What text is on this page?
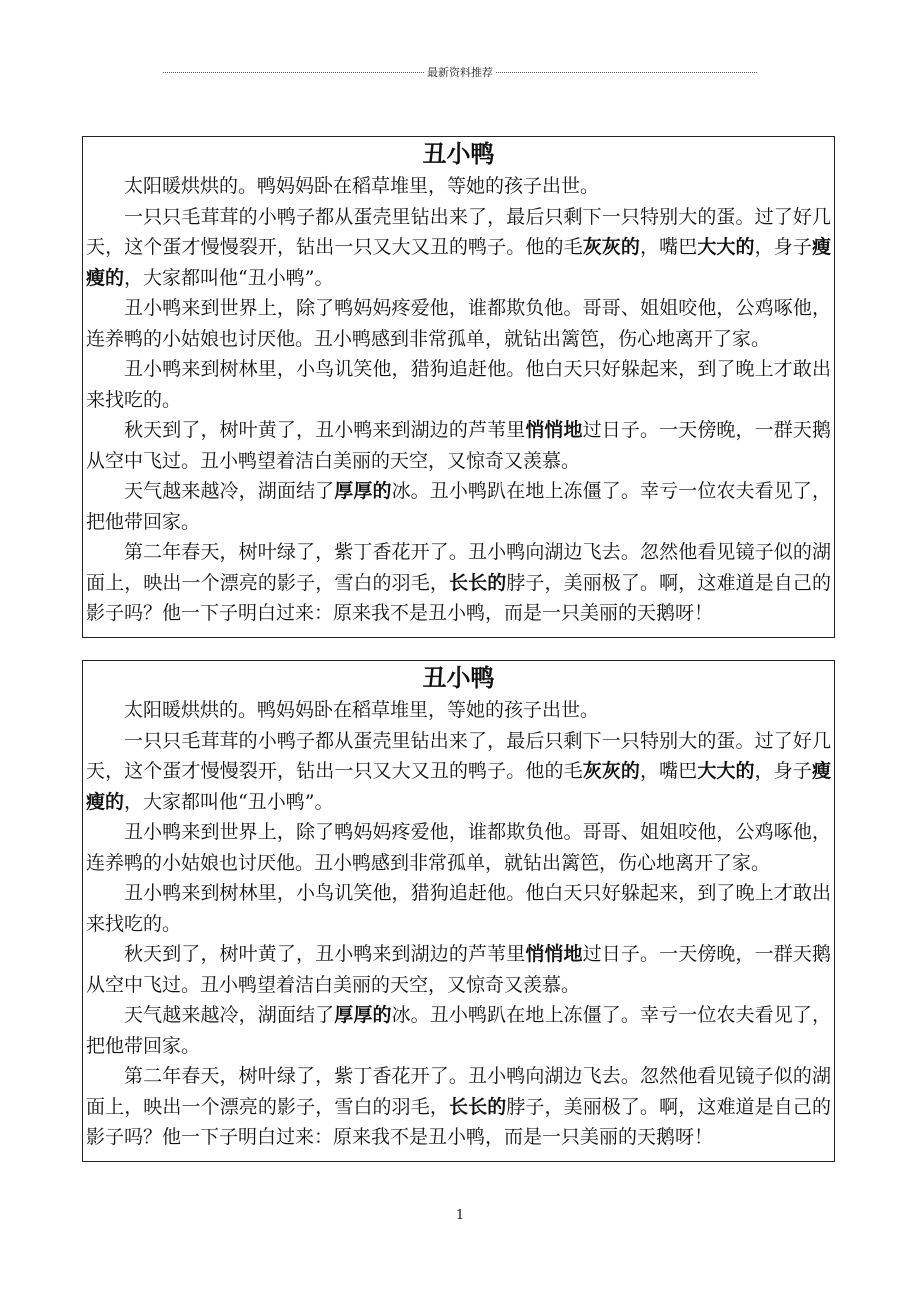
最新资料推荐
丑小鸭

太阳暖烘烘的。鸭妈妈卧在稻草堆里，等她的孩子出世。

一只只毛茸茸的小鸭子都从蛋壳里钻出来了，最后只剩下一只特别大的蛋。过了好几天，这个蛋才慢慢裂开，钻出一只又大又丑的鸭子。他的毛灰灰的，嘴巴大大的，身子瘦瘦的，大家都叫他“丑小鸭”。

丑小鸭来到世界上，除了鸭妈妈疼爱他，谁都欺负他。哥哥、姐姐咬他，公鸡啄他，连养鸭的小姑娘也讨厌他。丑小鸭感到非常孤单，就钻出篱笆，伤心地离开了家。

丑小鸭来到树林里，小鸟讥笑他，猎狗追赶他。他白天只好躲起来，到了晚上才敢出来找吃的。

秋天到了，树叶黄了，丑小鸭来到湖边的芦苇里悄悄地过日子。一天傍晚，一群天鹅从空中飞过。丑小鸭望着洁白美丽的天空，又惊奇又羡慕。

天气越来越冷，湖面结了厚厚的冰。丑小鸭趴在地上冻僵了。幸亏一位农夫看见了，把他带回家。

第二年春天，树叶绿了，紫丁香花开了。丑小鸭向湖边飞去。忽然他看见镜子似的湖面上，映出一个漂亮的影子，雪白的羽毛，长长的脖子，美丽极了。啊，这难道是自己的影子吗？他一下子明白过来：原来我不是丑小鸭，而是一只美丽的天鹅呀！

丑小鸭

太阳暖烘烘的。鸭妈妈卧在稻草堆里，等她的孩子出世。

一只只毛茸茸的小鸭子都从蛋壳里钻出来了，最后只剩下一只特别大的蛋。过了好几天，这个蛋才慢慢裂开，钻出一只又大又丑的鸭子。他的毛灰灰的，嘴巴大大的，身子瘦瘦的，大家都叫他“丑小鸭”。

丑小鸭来到世界上，除了鸭妈妈疼爱他，谁都欺负他。哥哥、姐姐咬他，公鸡啄他，连养鸭的小姑娘也讨厌他。丑小鸭感到非常孤单，就钻出篱笆，伤心地离开了家。

丑小鸭来到树林里，小鸟讥笑他，猎狗追赶他。他白天只好躲起来，到了晚上才敢出来找吃的。

秋天到了，树叶黄了，丑小鸭来到湖边的芦苇里悄悄地过日子。一天傍晚，一群天鹅从空中飞过。丑小鸭望着洁白美丽的天空，又惊奇又羡慕。

天气越来越冷，湖面结了厚厚的冰。丑小鸭趴在地上冻僵了。幸亏一位农夫看见了，把他带回家。

第二年春天，树叶绿了，紫丁香花开了。丑小鸭向湖边飞去。忽然他看见镜子似的湖面上，映出一个漂亮的影子，雪白的羽毛，长长的脖子，美丽极了。啊，这难道是自己的影子吗？他一下子明白过来：原来我不是丑小鸭，而是一只美丽的天鹅呀！

1
